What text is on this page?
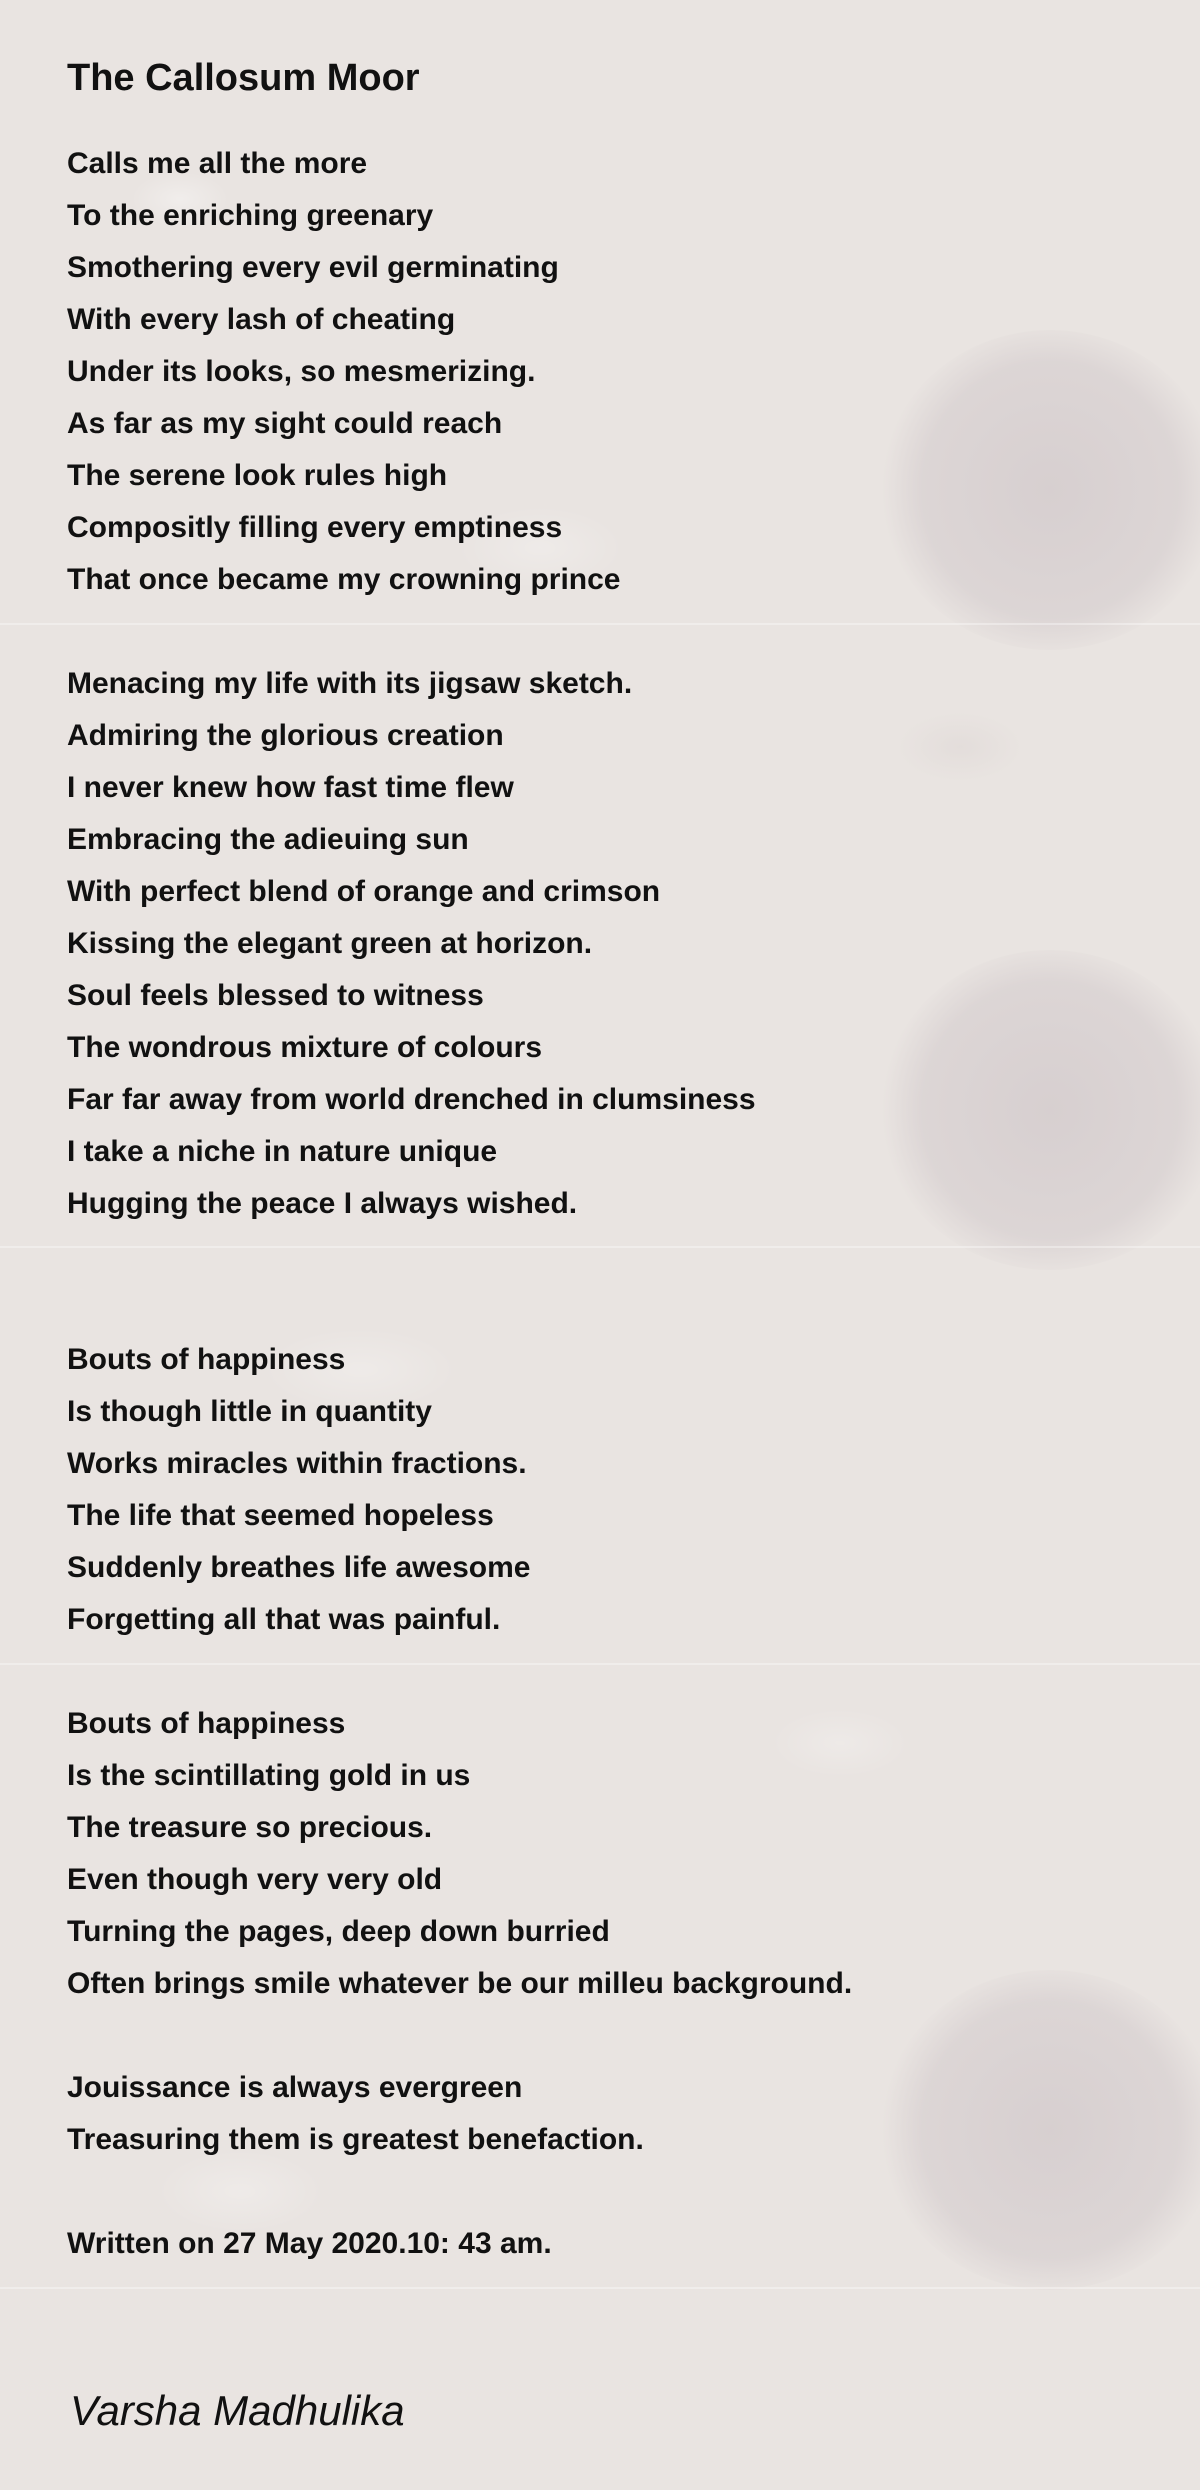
The Callosum Moor
Calls me all the more
To the enriching greenary
Smothering every evil germinating
With every lash of cheating
Under its looks, so mesmerizing.
As far as my sight could reach
The serene look rules high
Compositly filling every emptiness
That once became my crowning prince
Menacing my life with its jigsaw sketch.
Admiring the glorious creation
I never knew how fast time flew
Embracing the adieuing sun
With perfect blend of orange and crimson
Kissing the elegant green at horizon.
Soul feels blessed to witness
The wondrous mixture of colours
Far far away from world drenched in clumsiness
I take a niche in nature unique
Hugging the peace I always wished.
Bouts of happiness
Is though little in quantity
Works miracles within fractions.
The life that seemed hopeless
Suddenly breathes life awesome
Forgetting all that was painful.
Bouts of happiness
Is the scintillating gold in us
The treasure so precious.
Even though very very old
Turning the pages, deep down burried
Often brings smile whatever be our milleu background.
Jouissance is always evergreen
Treasuring them is greatest benefaction.
Written on 27 May 2020.10: 43 am.
Varsha Madhulika
